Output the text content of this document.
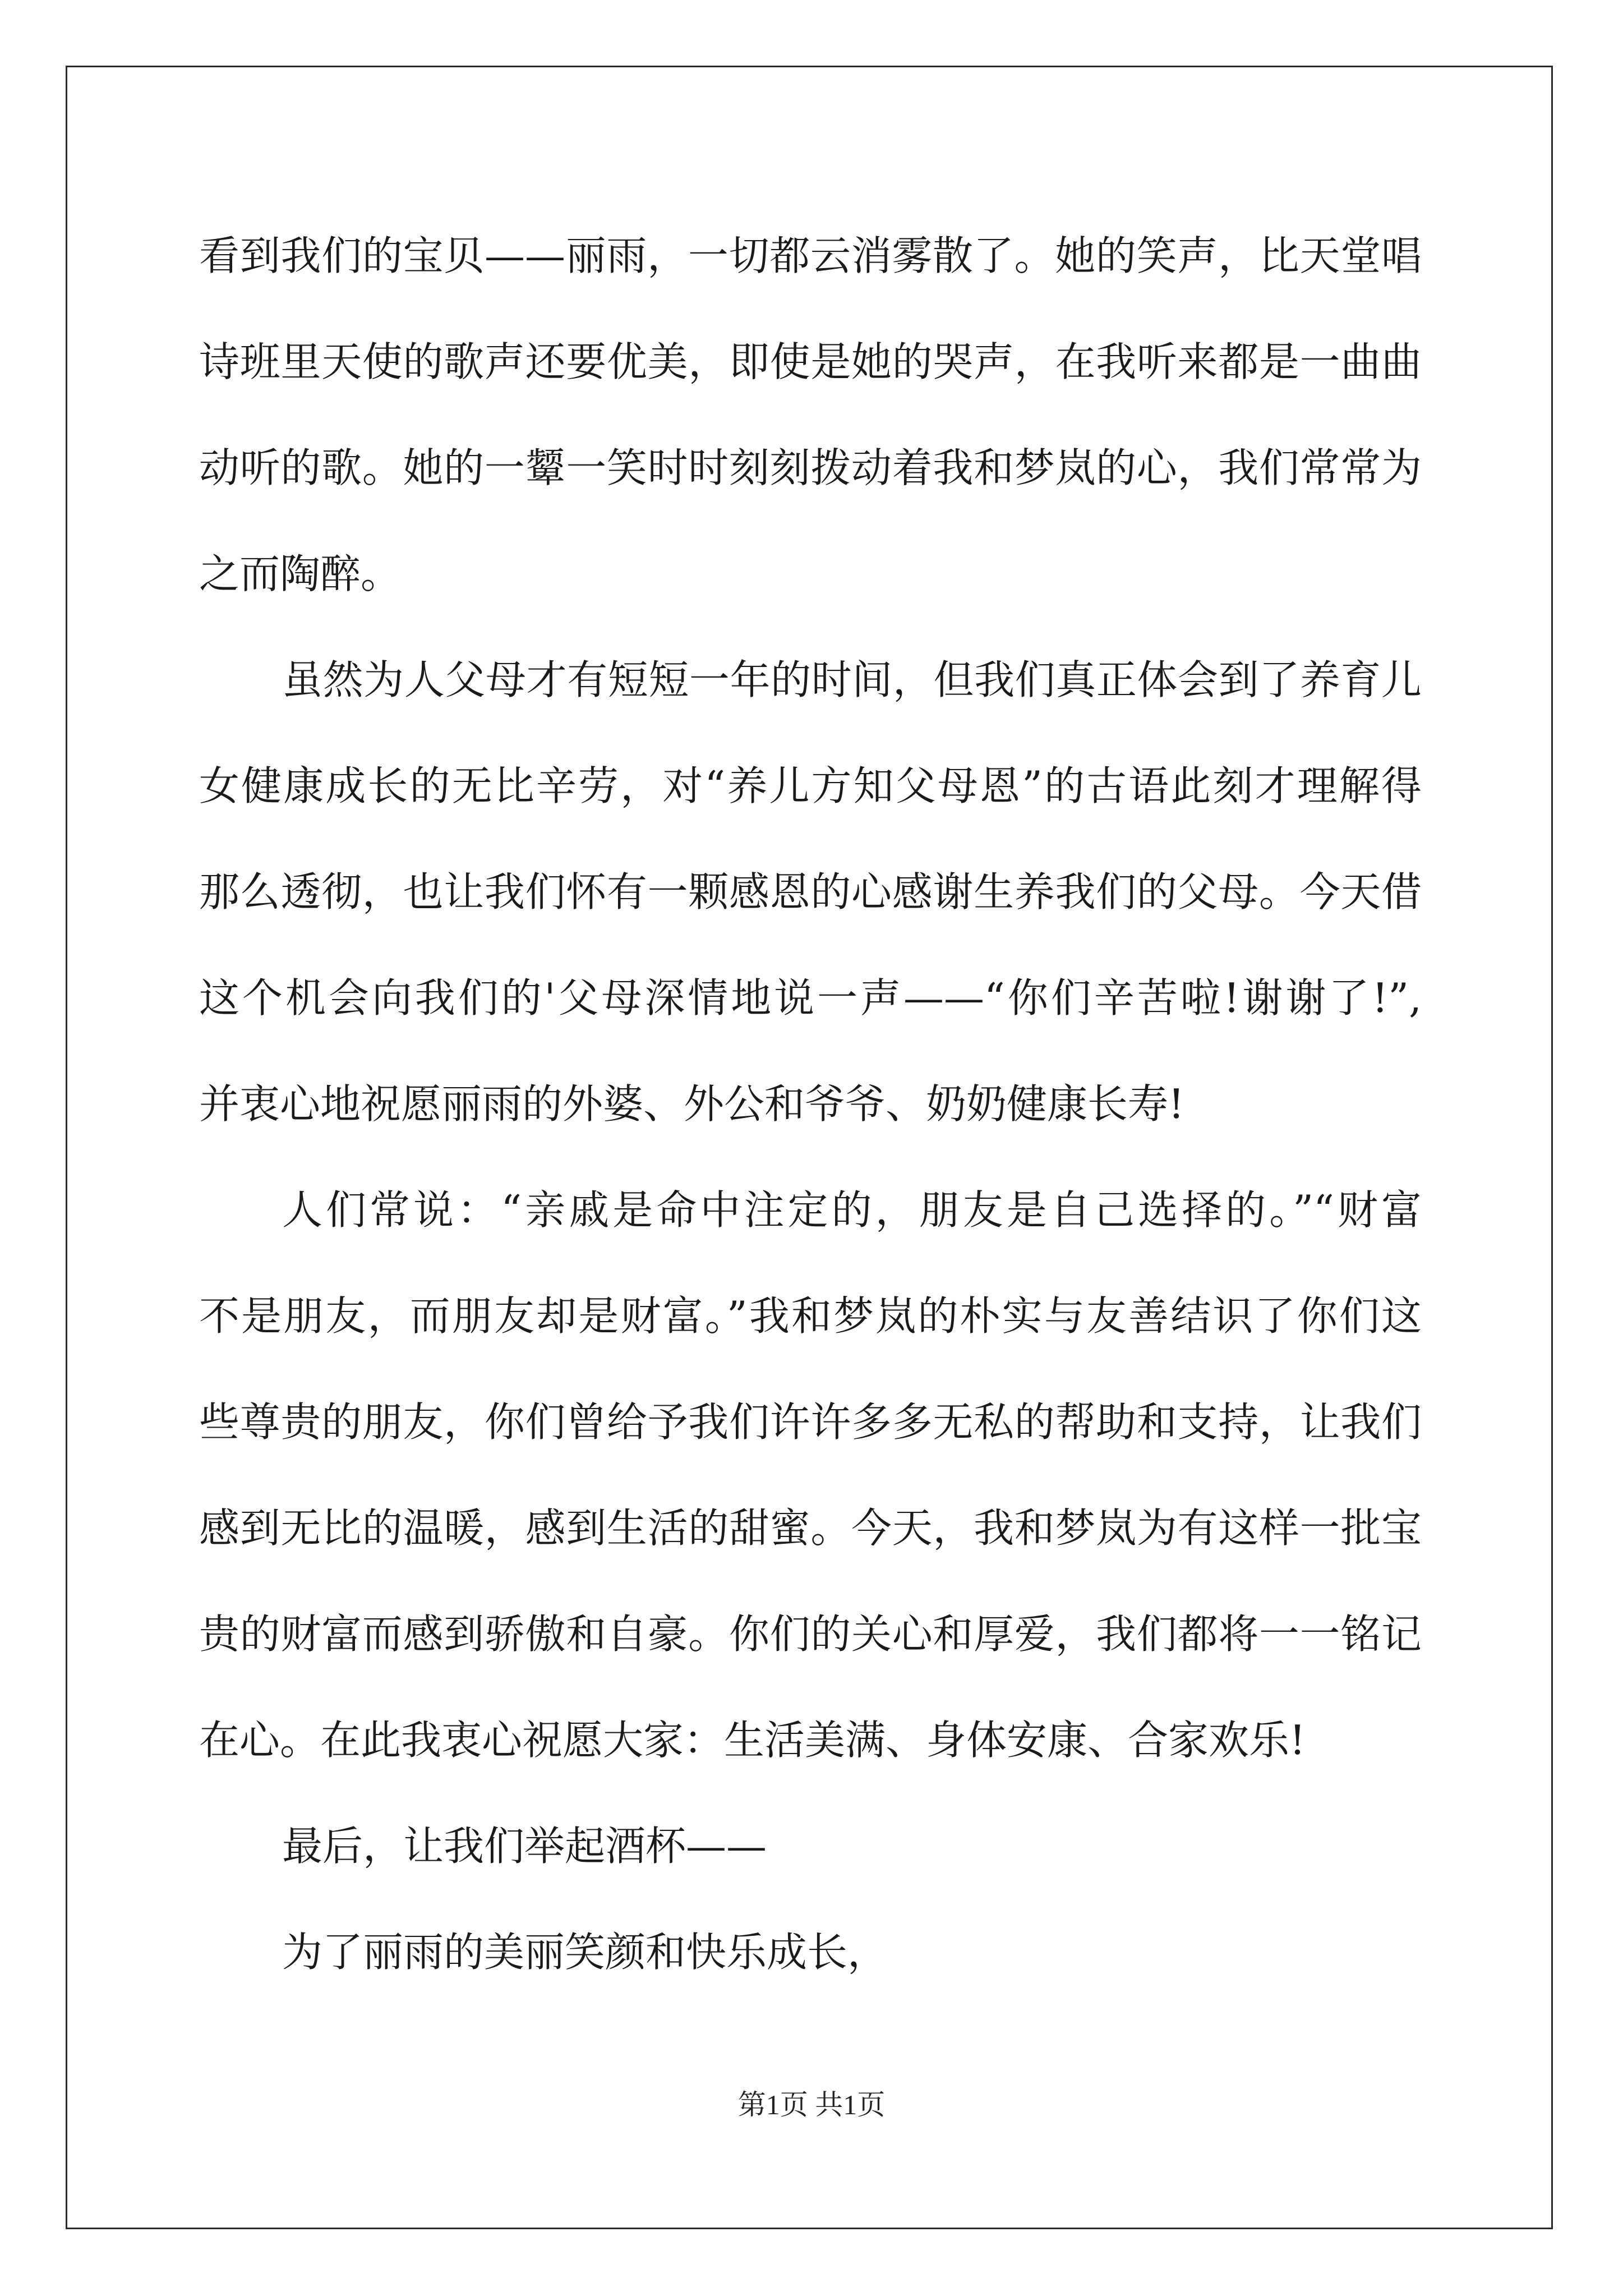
看到我们的宝贝——丽雨，一切都云消雾散了。她的笑声，比天堂唱
诗班里天使的歌声还要优美，即使是她的哭声，在我听来都是一曲曲
动听的歌。她的一颦一笑时时刻刻拨动着我和梦岚的心，我们常常为
之而陶醉。
虽然为人父母才有短短一年的时间，但我们真正体会到了养育儿
女健康成长的无比辛劳，对“养儿方知父母恩”的古语此刻才理解得
那么透彻，也让我们怀有一颗感恩的心感谢生养我们的父母。今天借
这个机会向我们的'父母深情地说一声——“你们辛苦啦!谢谢了!”,
并衷心地祝愿丽雨的外婆、外公和爷爷、奶奶健康长寿!
人们常说：“亲戚是命中注定的，朋友是自己选择的。”“财富
不是朋友，而朋友却是财富。”我和梦岚的朴实与友善结识了你们这
些尊贵的朋友，你们曾给予我们许许多多无私的帮助和支持，让我们
感到无比的温暖，感到生活的甜蜜。今天，我和梦岚为有这样一批宝
贵的财富而感到骄傲和自豪。你们的关心和厚爱，我们都将一一铭记
在心。在此我衷心祝愿大家：生活美满、身体安康、合家欢乐!
最后，让我们举起酒杯——
为了丽雨的美丽笑颜和快乐成长，
第1页 共1页
